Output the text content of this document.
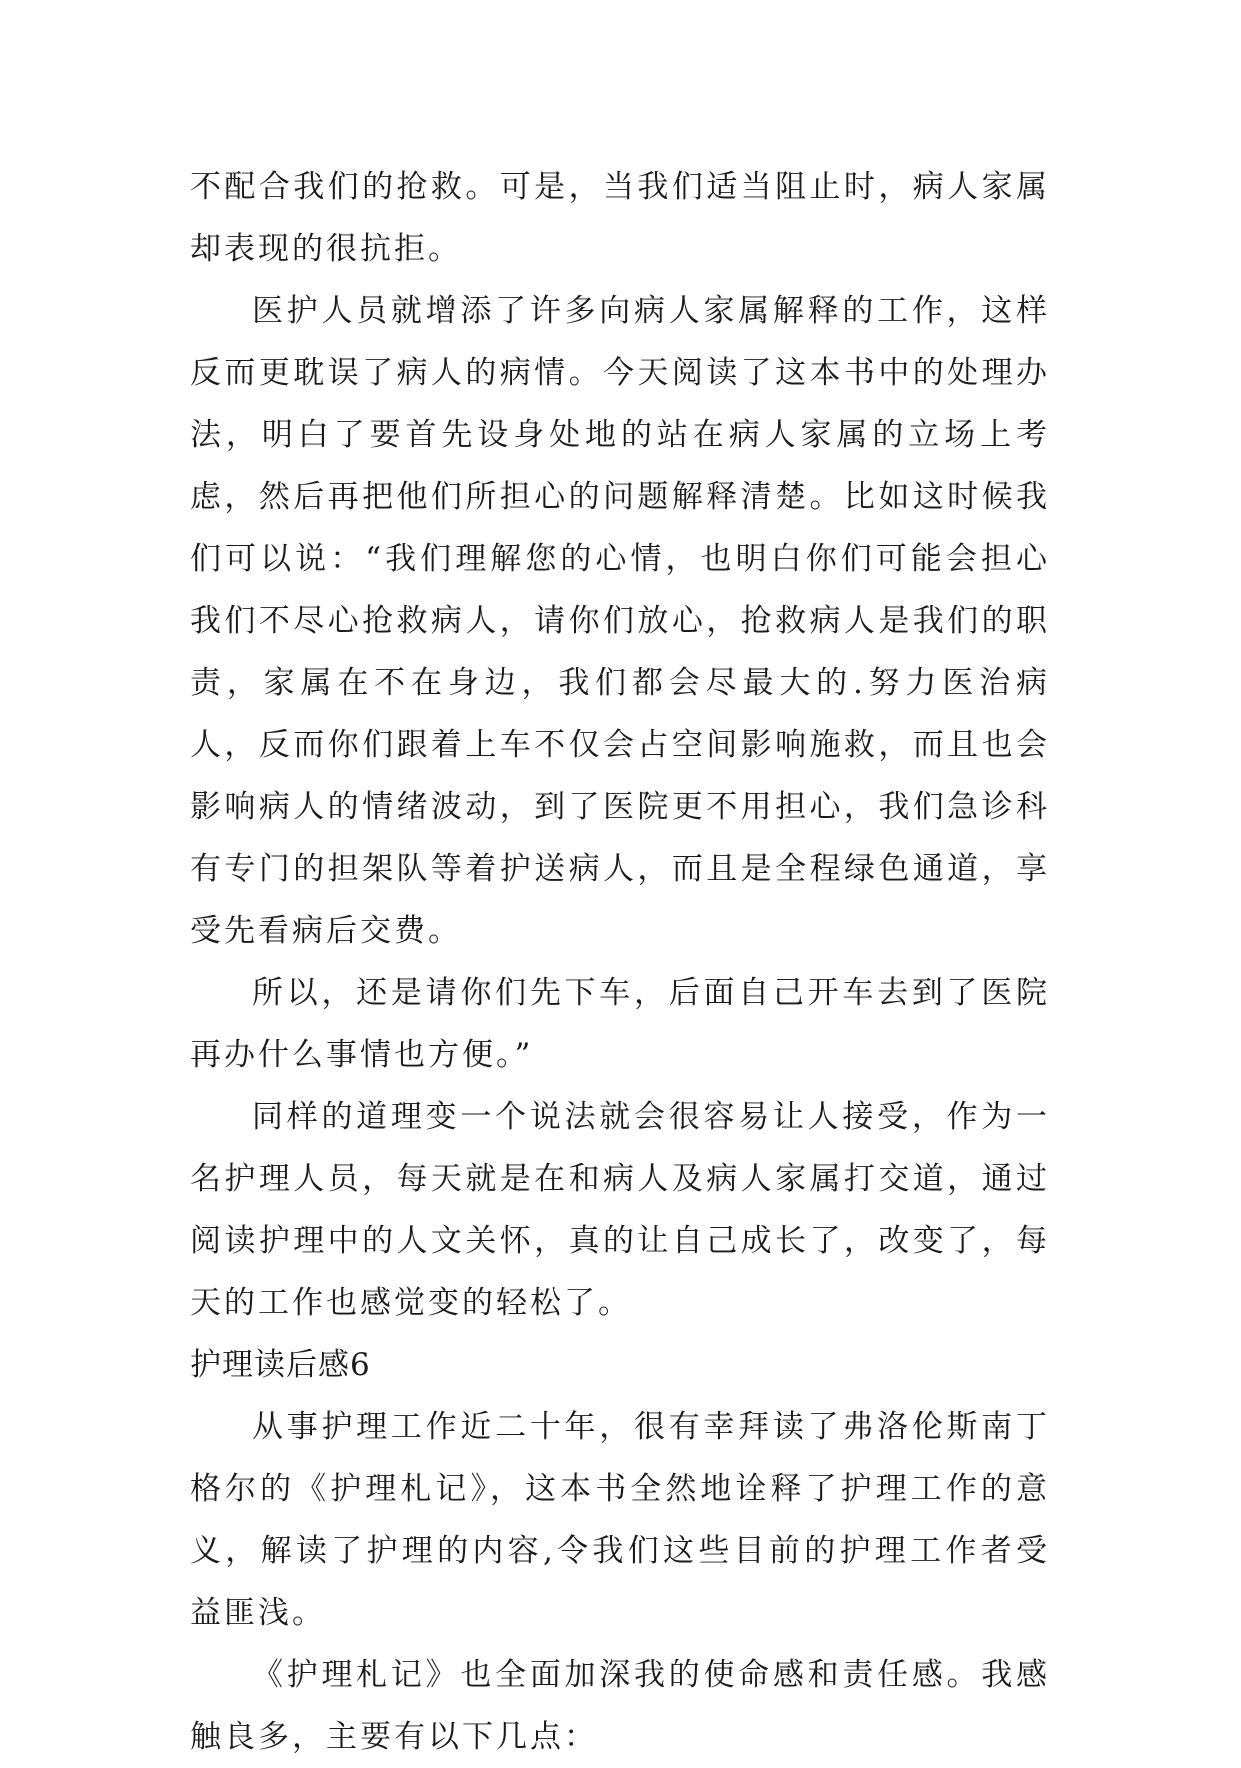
不配合我们的抢救。可是，当我们适当阻止时，病人家属却表现的很抗拒。

医护人员就增添了许多向病人家属解释的工作，这样反而更耽误了病人的病情。今天阅读了这本书中的处理办法，明白了要首先设身处地的站在病人家属的立场上考虑，然后再把他们所担心的问题解释清楚。比如这时候我们可以说：“我们理解您的心情，也明白你们可能会担心我们不尽心抢救病人，请你们放心，抢救病人是我们的职责，家属在不在身边，我们都会尽最大的.努力医治病人，反而你们跟着上车不仅会占空间影响施救，而且也会影响病人的情绪波动，到了医院更不用担心，我们急诊科有专门的担架队等着护送病人，而且是全程绿色通道，享受先看病后交费。

所以，还是请你们先下车，后面自己开车去到了医院再办什么事情也方便。”

同样的道理变一个说法就会很容易让人接受，作为一名护理人员，每天就是在和病人及病人家属打交道，通过阅读护理中的人文关怀，真的让自己成长了，改变了，每天的工作也感觉变的轻松了。

护理读后感6

从事护理工作近二十年，很有幸拜读了弗洛伦斯南丁格尔的《护理札记》，这本书全然地诠释了护理工作的意义，解读了护理的内容,令我们这些目前的护理工作者受益匪浅。

《护理札记》也全面加深我的使命感和责任感。我感触良多，主要有以下几点：
